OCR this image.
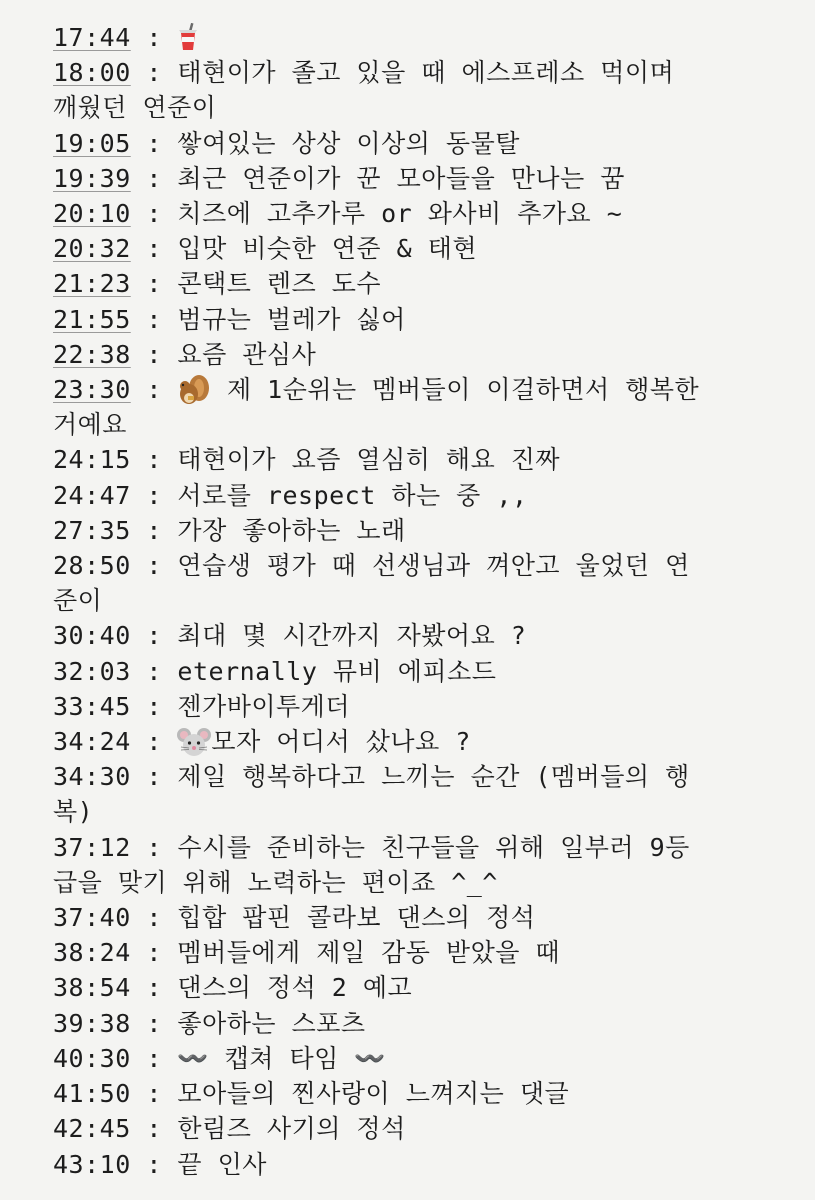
17:44 :
18:00 : 태현이가 졸고 있을 때 에스프레소 먹이며
깨웠던 연준이
19:05 : 쌓여있는 상상 이상의 동물탈
19:39 : 최근 연준이가 꾼 모아들을 만나는 꿈
20:10 : 치즈에 고추가루 or 와사비 추가요 ~
20:32 : 입맛 비슷한 연준 & 태현
21:23 : 콘택트 렌즈 도수
21:55 : 범규는 벌레가 싫어
22:38 : 요즘 관심사
23:30 :  제 1순위는 멤버들이 이걸하면서 행복한
거예요
24:15 : 태현이가 요즘 열심히 해요 진짜
24:47 : 서로를 respect 하는 중 ,,
27:35 : 가장 좋아하는 노래
28:50 : 연습생 평가 때 선생님과 껴안고 울었던 연
준이
30:40 : 최대 몇 시간까지 자봤어요 ?
32:03 : eternally 뮤비 에피소드
33:45 : 젠가바이투게더
34:24 : 모자 어디서 샀나요 ?
34:30 : 제일 행복하다고 느끼는 순간 (멤버들의 행
복)
37:12 : 수시를 준비하는 친구들을 위해 일부러 9등
급을 맞기 위해 노력하는 편이죠 ^_^
37:40 : 힙합 팝핀 콜라보 댄스의 정석
38:24 : 멤버들에게 제일 감동 받았을 때
38:54 : 댄스의 정석 2 예고
39:38 : 좋아하는 스포츠
40:30 : 〰️ 캡쳐 타임 〰️
41:50 : 모아들의 찐사랑이 느껴지는 댓글
42:45 : 한림즈 사기의 정석
43:10 : 끝 인사
